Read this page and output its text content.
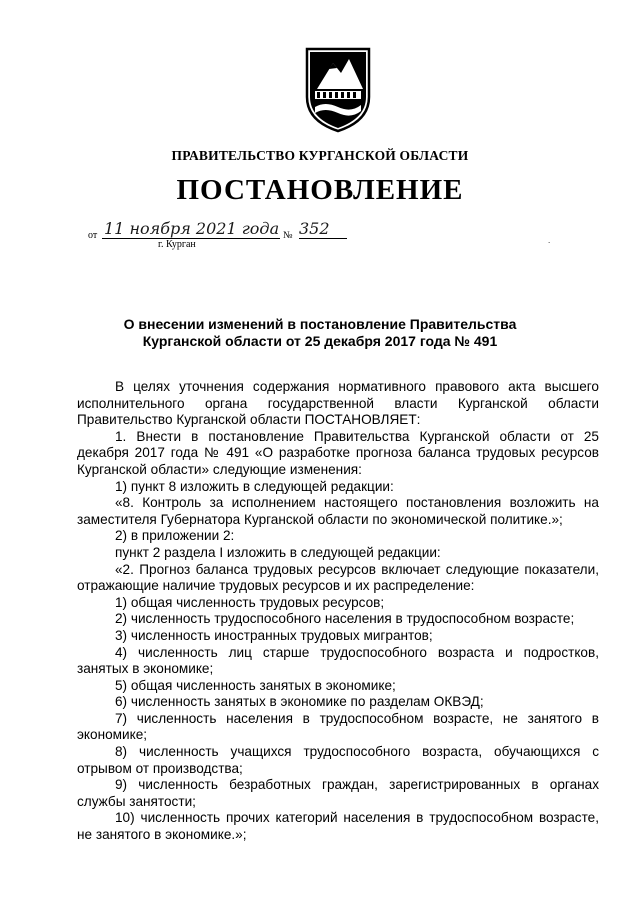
ПРАВИТЕЛЬСТВО КУРГАНСКОЙ ОБЛАСТИ
ПОСТАНОВЛЕНИЕ
от 11 ноября 2021 года № 352
г. Курган	.
О внесении изменений в постановление Правительства
Курганской области от 25 декабря 2017 года № 491

В целях уточнения содержания нормативного правового акта высшего исполнительного органа государственной власти Курганской области Правительство Курганской области ПОСТАНОВЛЯЕТ:

1. Внести в постановление Правительства Курганской области от 25 декабря 2017 года № 491 «О разработке прогноза баланса трудовых ресурсов Курганской области» следующие изменения:

1) пункт 8 изложить в следующей редакции:

«8. Контроль за исполнением настоящего постановления возложить на заместителя Губернатора Курганской области по экономической политике.»;

2) в приложении 2:

пункт 2 раздела I изложить в следующей редакции:

«2. Прогноз баланса трудовых ресурсов включает следующие показатели, отражающие наличие трудовых ресурсов и их распределение:

1) общая численность трудовых ресурсов;

2) численность трудоспособного населения в трудоспособном возрасте;

3) численность иностранных трудовых мигрантов;

4) численность лиц старше трудоспособного возраста и подростков, занятых в экономике;

5) общая численность занятых в экономике;

6) численность занятых в экономике по разделам ОКВЭД;

7) численность населения в трудоспособном возрасте, не занятого в экономике;

8) численность учащихся трудоспособного возраста, обучающихся с отрывом от производства;

9) численность безработных граждан, зарегистрированных в органах службы занятости;

10) численность прочих категорий населения в трудоспособном возрасте, не занятого в экономике.»;
